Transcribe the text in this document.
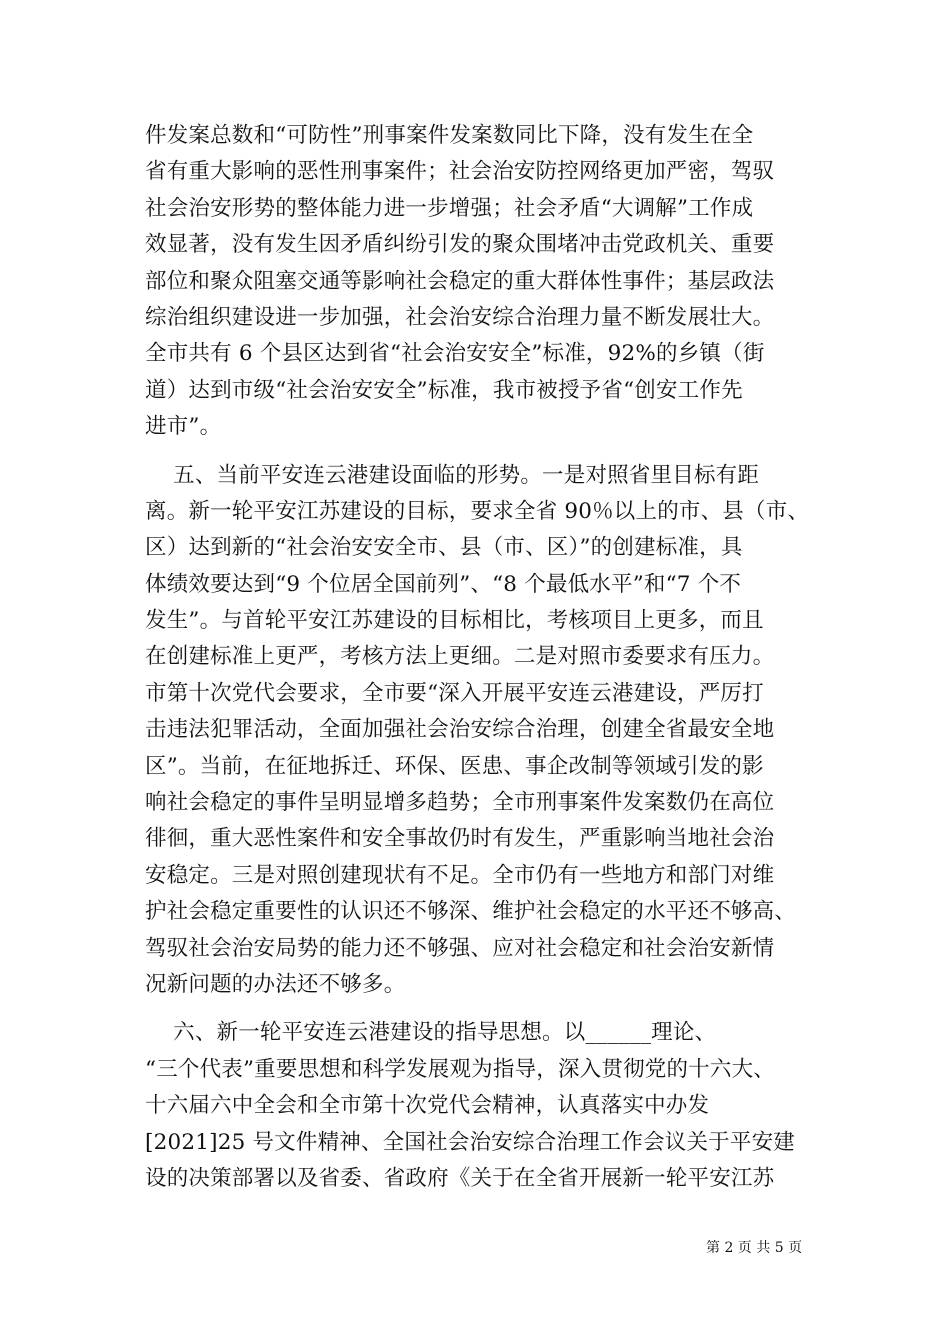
件发案总数和“可防性”刑事案件发案数同比下降，没有发生在全
省有重大影响的恶性刑事案件；社会治安防控网络更加严密，驾驭
社会治安形势的整体能力进一步增强；社会矛盾“大调解”工作成
效显著，没有发生因矛盾纠纷引发的聚众围堵冲击党政机关、重要
部位和聚众阻塞交通等影响社会稳定的重大群体性事件；基层政法
综治组织建设进一步加强，社会治安综合治理力量不断发展壮大。
全市共有 6 个县区达到省“社会治安安全”标准，92%的乡镇（街
道）达到市级“社会治安安全”标准，我市被授予省“创安工作先
进市”。
五、当前平安连云港建设面临的形势。一是对照省里目标有距
离。新一轮平安江苏建设的目标，要求全省 90％以上的市、县（市、
区）达到新的“社会治安安全市、县（市、区）”的创建标准，具
体绩效要达到“9 个位居全国前列”、“8 个最低水平”和“7 个不
发生”。与首轮平安江苏建设的目标相比，考核项目上更多，而且
在创建标准上更严，考核方法上更细。二是对照市委要求有压力。
市第十次党代会要求，全市要“深入开展平安连云港建设，严厉打
击违法犯罪活动，全面加强社会治安综合治理，创建全省最安全地
区”。当前，在征地拆迁、环保、医患、事企改制等领域引发的影
响社会稳定的事件呈明显增多趋势；全市刑事案件发案数仍在高位
徘徊，重大恶性案件和安全事故仍时有发生，严重影响当地社会治
安稳定。三是对照创建现状有不足。全市仍有一些地方和部门对维
护社会稳定重要性的认识还不够深、维护社会稳定的水平还不够高、
驾驭社会治安局势的能力还不够强、应对社会稳定和社会治安新情
况新问题的办法还不够多。
六、新一轮平安连云港建设的指导思想。以______理论、
“三个代表”重要思想和科学发展观为指导，深入贯彻党的十六大、
十六届六中全会和全市第十次党代会精神，认真落实中办发
[2021]25 号文件精神、全国社会治安综合治理工作会议关于平安建
设的决策部署以及省委、省政府《关于在全省开展新一轮平安江苏
第 2 页 共 5 页
